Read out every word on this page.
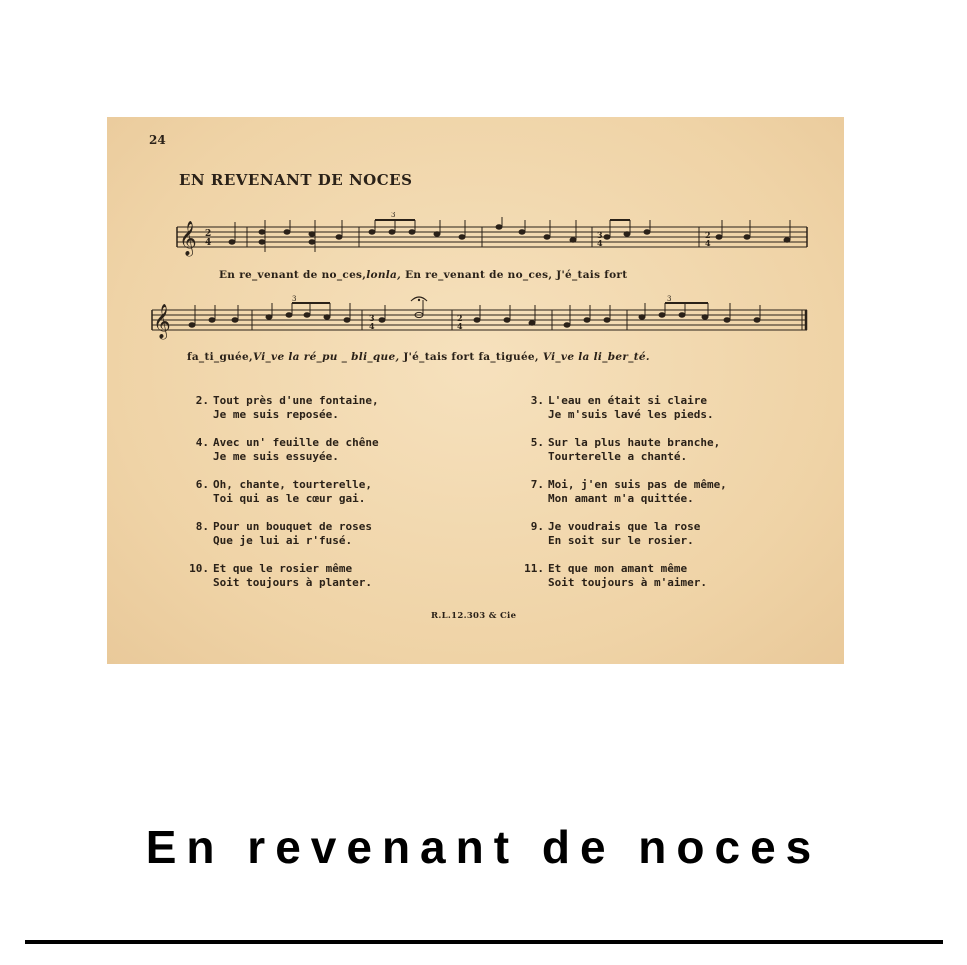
24
EN REVENANT DE NOCES
𝄞 2
4
3
3
4
2
4
En re_venant de no_ces,lonla, En re_venant de no_ces, J'é_tais fort
𝄞
3	3
3
4
2
4
fa_ti_guée,Vi_ve la ré_pu _ bli_que, J'é_tais fort fa_tiguée, Vi_ve la li_ber_té.
2. Tout près d'une fontaine,
Je me suis reposée.
3. L'eau en était si claire
Je m'suis lavé les pieds.
4. Avec un' feuille de chêne
Je me suis essuyée.
5. Sur la plus haute branche,
Tourterelle a chanté.
6. Oh, chante, tourterelle,
Toi qui as le cœur gai.
7. Moi, j'en suis pas de même,
Mon amant m'a quittée.
8. Pour un bouquet de roses
Que je lui ai r'fusé.
9. Je voudrais que la rose
En soit sur le rosier.
10. Et que le rosier même
Soit toujours à planter.
11. Et que mon amant même
Soit toujours à m'aimer.
R.L.12.303 & Cie
En revenant de noces
